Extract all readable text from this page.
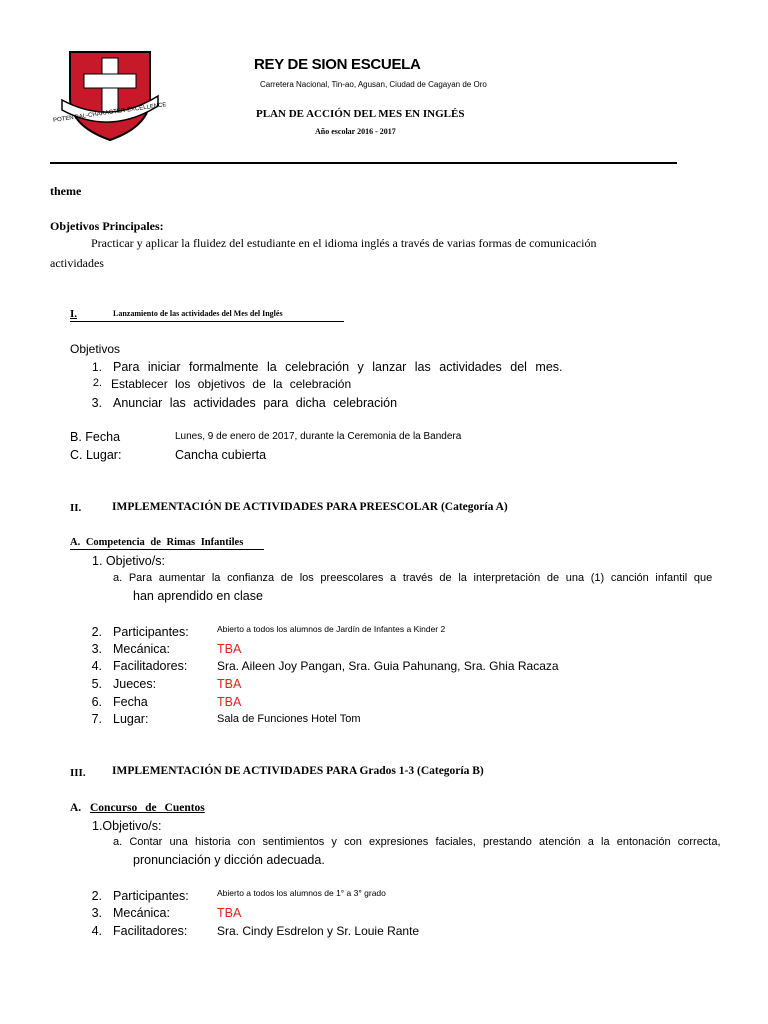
POTENTIAL-CHARACTER-EXCELLENCE
REY DE SION ESCUELA
Carretera Nacional, Tin-ao, Agusan, Ciudad de Cagayan de Oro
PLAN DE ACCIÓN DEL MES EN INGLÉS
Año escolar 2016 - 2017
theme
Objetivos Principales:
Practicar y aplicar la fluidez del estudiante en el idioma inglés a través de varias formas de comunicación
actividades
I.	Lanzamiento de las actividades del Mes del Inglés
Objetivos
1. Para iniciar formalmente la celebración y lanzar las actividades del mes.
2. Establecer los objetivos de la celebración
3. Anunciar las actividades para dicha celebración
B. Fecha	Lunes, 9 de enero de 2017, durante la Ceremonia de la Bandera
C. Lugar:	Cancha cubierta
II.	IMPLEMENTACIÓN DE ACTIVIDADES PARA PREESCOLAR (Categoría A)
A. Competencia de Rimas Infantiles
1. Objetivo/s:
a. Para aumentar la confianza de los preescolares a través de la interpretación de una (1) canción infantil que
han aprendido en clase
2. Participantes:	Abierto a todos los alumnos de Jardín de Infantes a Kinder 2
3. Mecánica:	TBA
4. Facilitadores: Sra. Aileen Joy Pangan, Sra. Guia Pahunang, Sra. Ghia Racaza
5. Jueces:	TBA
6. Fecha	TBA
7. Lugar:	Sala de Funciones Hotel Tom
III. IMPLEMENTACIÓN DE ACTIVIDADES PARA Grados 1-3 (Categoría B)
A. Concurso de Cuentos
1.Objetivo/s:
a. Contar una historia con sentimientos y con expresiones faciales, prestando atención a la entonación correcta,
pronunciación y dicción adecuada.
2. Participantes:	Abierto a todos los alumnos de 1° a 3° grado
3. Mecánica:	TBA
4. Facilitadores: Sra. Cindy Esdrelon y Sr. Louie Rante
